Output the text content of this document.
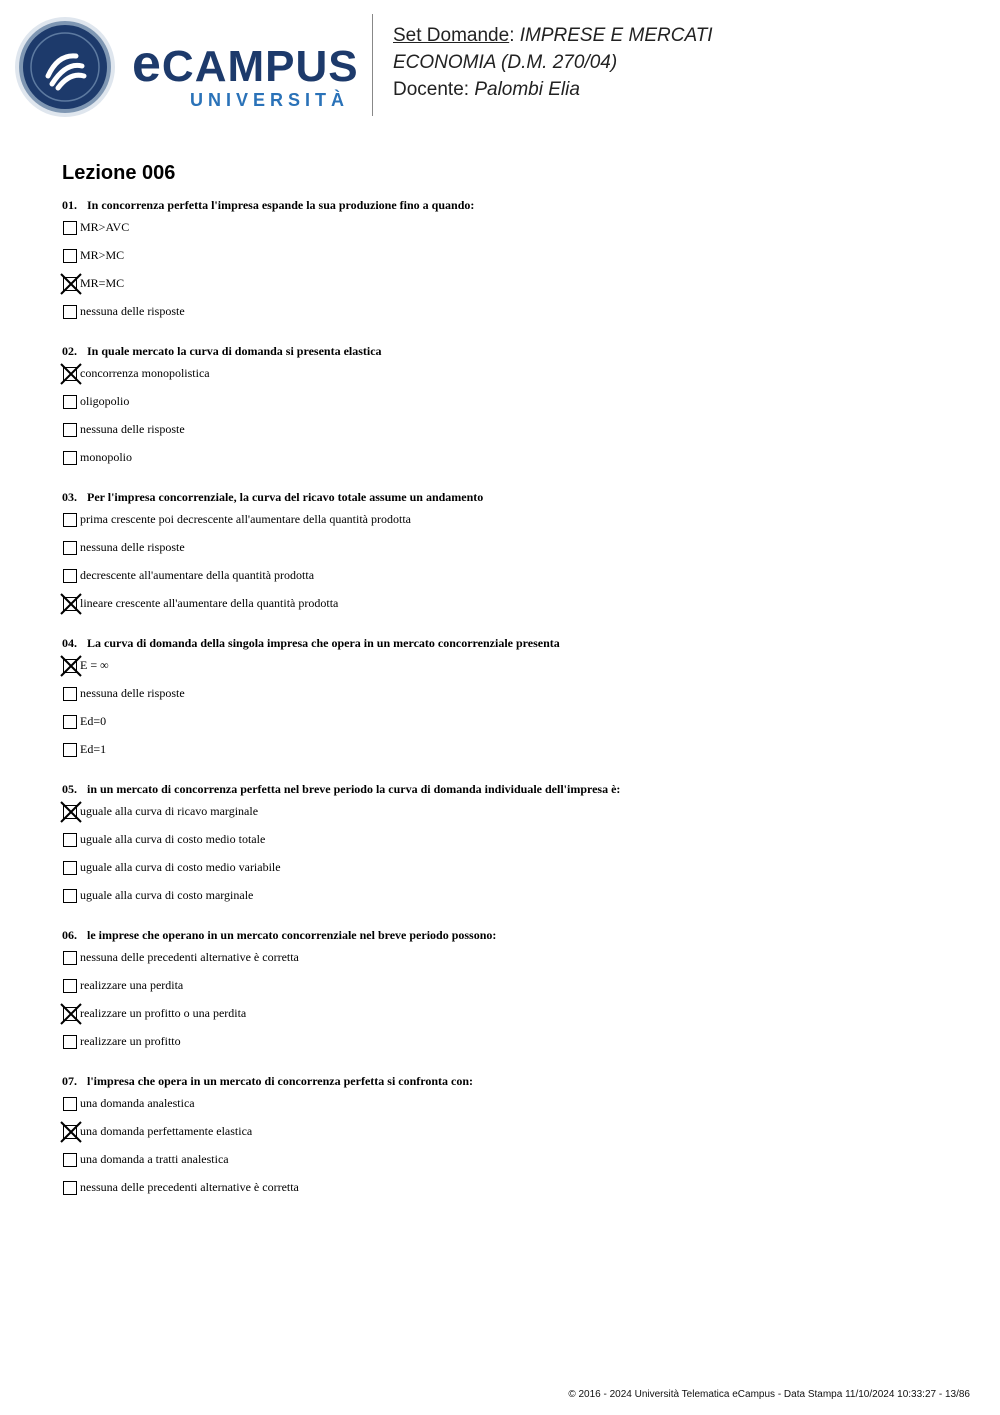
eCAMPUS
UNIVERSITÀ
Set Domande: IMPRESE E MERCATI
ECONOMIA (D.M. 270/04)
Docente: Palombi Elia
Lezione 006
01. In concorrenza perfetta l'impresa espande la sua produzione fino a quando:
MR>AVC
MR>MC
MR=MC
nessuna delle risposte
02. In quale mercato la curva di domanda si presenta elastica
concorrenza monopolistica
oligopolio
nessuna delle risposte
monopolio
03. Per l'impresa concorrenziale, la curva del ricavo totale assume un andamento
prima crescente poi decrescente all'aumentare della quantità prodotta
nessuna delle risposte
decrescente all'aumentare della quantità prodotta
lineare crescente all'aumentare della quantità prodotta
04. La curva di domanda della singola impresa che opera in un mercato concorrenziale presenta
E = ∞
nessuna delle risposte
Ed=0
Ed=1
05. in un mercato di concorrenza perfetta nel breve periodo la curva di domanda individuale dell'impresa è:
uguale alla curva di ricavo marginale
uguale alla curva di costo medio totale
uguale alla curva di costo medio variabile
uguale alla curva di costo marginale
06. le imprese che operano in un mercato concorrenziale nel breve periodo possono:
nessuna delle precedenti alternative è corretta
realizzare una perdita
realizzare un profitto o una perdita
realizzare un profitto
07. l'impresa che opera in un mercato di concorrenza perfetta si confronta con:
una domanda analestica
una domanda perfettamente elastica
una domanda a tratti analestica
nessuna delle precedenti alternative è corretta
© 2016 - 2024 Università Telematica eCampus - Data Stampa 11/10/2024 10:33:27 - 13/86
